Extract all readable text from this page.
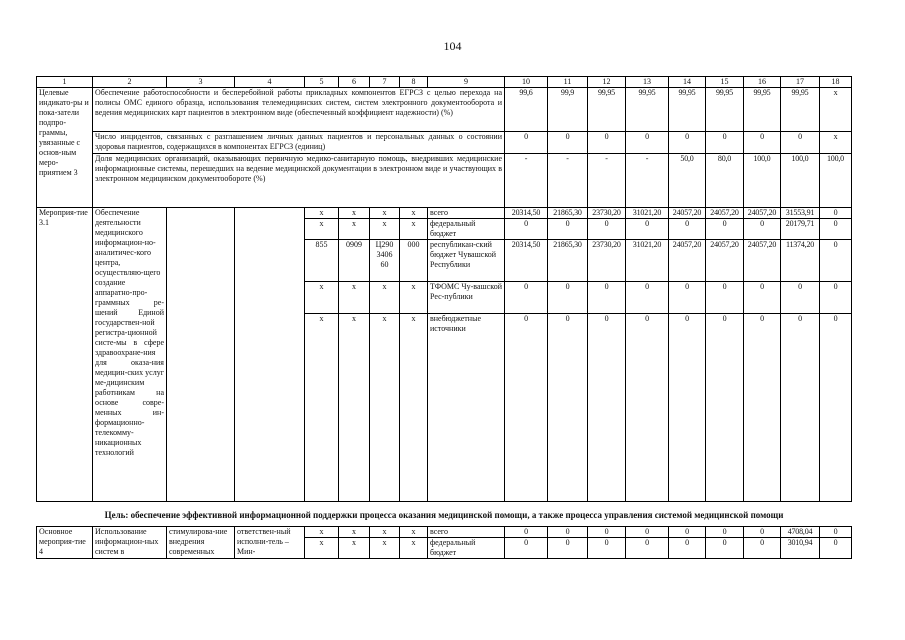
104
1	2	3	4	5	6	7	8	9	10	11	12	13	14	15	16	17	18
Целевые индикато-ры и пока-затели подпро-граммы, увязанные с основ-ным меро-приятием 3	Обеспечение работоспособности и бесперебойной работы прикладных компонентов ЕГРСЗ с целью перехода на полисы ОМС единого образца, использования телемедицинских систем, систем электронного документооборота и ведения медицинских карт пациентов в электронном виде (обеспеченный коэффициент надежности) (%)								99,6	99,9	99,95	99,95	99,95	99,95	99,95	99,95	x
	Число инцидентов, связанных с разглашением личных данных пациентов и персональных данных о состоянии здоровья пациентов, содержащихся в компонентах ЕГРСЗ (единиц)								0	0	0	0	0	0	0	0	x
	Доля медицинских организаций, оказывающих первичную медико-санитарную помощь, внедривших медицинские информационные системы, перешедших на ведение медицинской документации в электронном виде и участвующих в электронном медицинском документообороте (%)								-	-	-	-	50,0	80,0	100,0	100,0	100,0
Мероприя-тие 3.1	Обеспечение деятельности медицинского информацион-но-аналитичес-кого центра, осуществляю-щего создание аппаратно-про-граммных ре-шений Единой государствен-ной регистра-ционной систе-мы в сфере здравоохране-ния для оказа-ния медицин-ских услуг ме-дицинским работникам на основе совре-менных ин-формационно-телекомму-никационных технологий			x	x	x	x	всего	20314,50	21865,30	23730,20	31021,20	24057,20	24057,20	24057,20	31553,91	0
				x	x	x	x	федеральный бюджет	0	0	0	0	0	0	0	20179,71	0
				855	0909	Ц290 3406 60	000	республикан-ский бюджет Чувашской Республики	20314,50	21865,30	23730,20	31021,20	24057,20	24057,20	24057,20	11374,20	0
				x	x	x	x	ТФОМС Чу-вашской Рес-публики	0	0	0	0	0	0	0	0	0
				x	x	x	x	внебюджетные источники	0	0	0	0	0	0	0	0	0
Цель: обеспечение эффективной информационной поддержки процесса оказания медицинской помощи, а также процесса управления системой медицинской помощи																	
Основное мероприя-тие 4	Использование информацион-ных систем в	стимулирова-ние внедрения современных	ответствен-ный исполни-тель – Мин-	x	x	x	x	всего	0	0	0	0	0	0	0	4708,04	0
				x	x	x	x	федеральный бюджет	0	0	0	0	0	0	0	3010,94	0
